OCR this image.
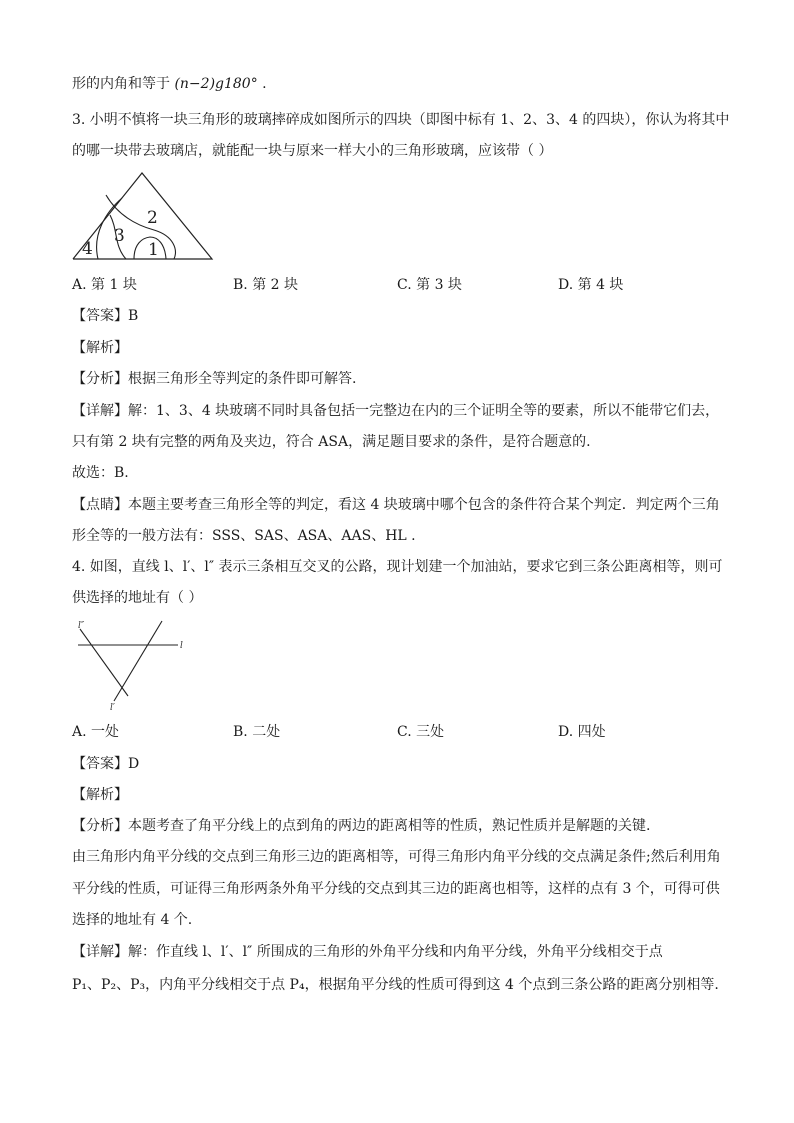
形的内角和等于 (n−2)g180° .
3. 小明不慎将一块三角形的玻璃摔碎成如图所示的四块（即图中标有 1、2、3、4 的四块），你认为将其中
的哪一块带去玻璃店，就能配一块与原来一样大小的三角形玻璃，应该带（ ）
2
3
4	1
A. 第 1 块	B. 第 2 块	C. 第 3 块	D. 第 4 块
【答案】B
【解析】
【分析】根据三角形全等判定的条件即可解答.
【详解】解：1、3、4 块玻璃不同时具备包括一完整边在内的三个证明全等的要素，所以不能带它们去，
只有第 2 块有完整的两角及夹边，符合 ASA，满足题目要求的条件，是符合题意的.
故选：B.
【点睛】本题主要考查三角形全等的判定，看这 4 块玻璃中哪个包含的条件符合某个判定．判定两个三角
形全等的一般方法有：SSS、SAS、ASA、AAS、HL .
4. 如图，直线 l、l′、l″ 表示三条相互交叉的公路，现计划建一个加油站，要求它到三条公距离相等，则可
供选择的地址有（ ）
l″
l
l′
A. 一处	B. 二处	C. 三处	D. 四处
【答案】D
【解析】
【分析】本题考查了角平分线上的点到角的两边的距离相等的性质，熟记性质并是解题的关键.
由三角形内角平分线的交点到三角形三边的距离相等，可得三角形内角平分线的交点满足条件;然后利用角
平分线的性质，可证得三角形两条外角平分线的交点到其三边的距离也相等，这样的点有 3 个，可得可供
选择的地址有 4 个.
【详解】解：作直线 l、l′、l″ 所围成的三角形的外角平分线和内角平分线，外角平分线相交于点
P₁、P₂、P₃，内角平分线相交于点 P₄，根据角平分线的性质可得到这 4 个点到三条公路的距离分别相等.
